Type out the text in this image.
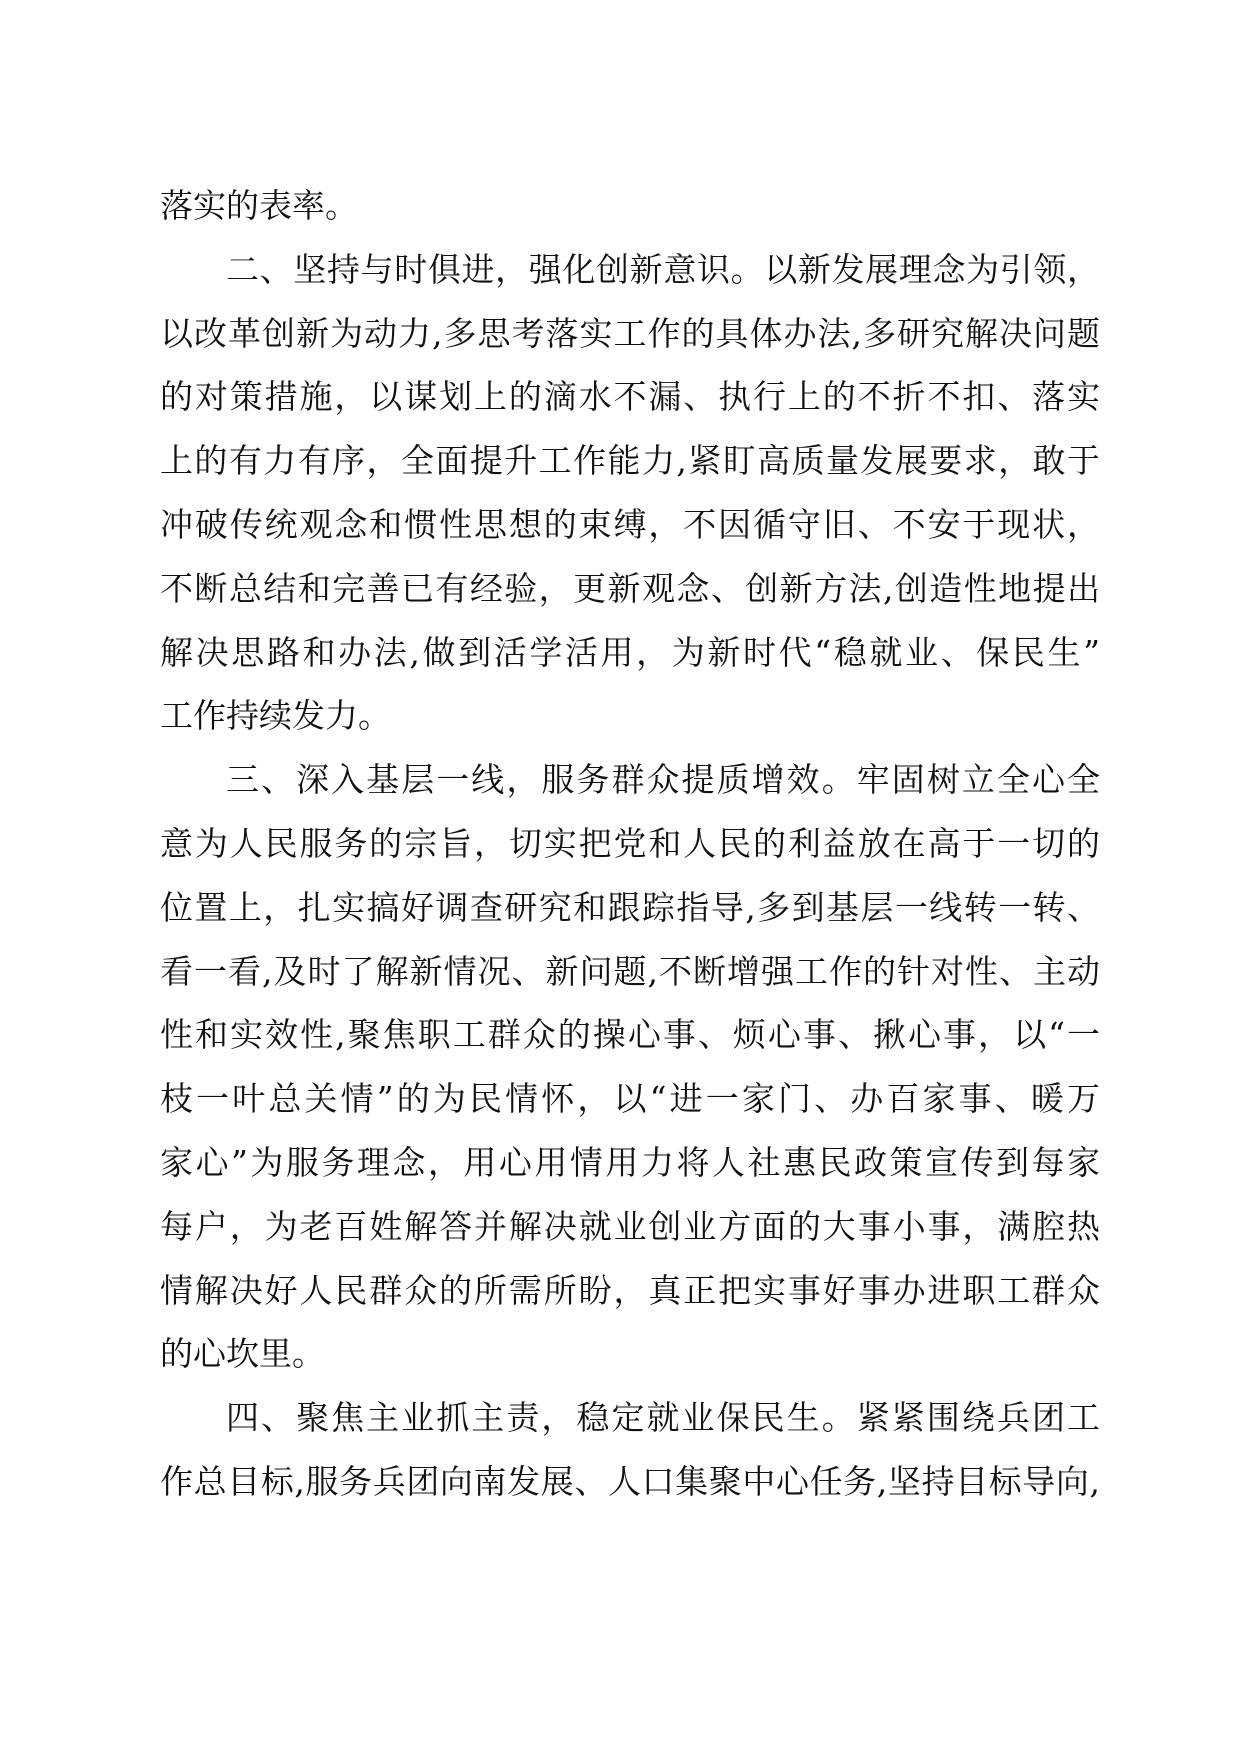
落实的表率。
二、坚持与时俱进，强化创新意识。以新发展理念为引领，
以改革创新为动力,多思考落实工作的具体办法,多研究解决问题
的对策措施，以谋划上的滴水不漏、执行上的不折不扣、落实
上的有力有序，全面提升工作能力,紧盯高质量发展要求，敢于
冲破传统观念和惯性思想的束缚，不因循守旧、不安于现状，
不断总结和完善已有经验，更新观念、创新方法,创造性地提出
解决思路和办法,做到活学活用，为新时代“稳就业、保民生”
工作持续发力。
三、深入基层一线，服务群众提质增效。牢固树立全心全
意为人民服务的宗旨，切实把党和人民的利益放在高于一切的
位置上，扎实搞好调查研究和跟踪指导,多到基层一线转一转、
看一看,及时了解新情况、新问题,不断增强工作的针对性、主动
性和实效性,聚焦职工群众的操心事、烦心事、揪心事，以“一
枝一叶总关情”的为民情怀，以“进一家门、办百家事、暖万
家心”为服务理念，用心用情用力将人社惠民政策宣传到每家
每户，为老百姓解答并解决就业创业方面的大事小事，满腔热
情解决好人民群众的所需所盼，真正把实事好事办进职工群众
的心坎里。
四、聚焦主业抓主责，稳定就业保民生。紧紧围绕兵团工
作总目标,服务兵团向南发展、人口集聚中心任务,坚持目标导向,
